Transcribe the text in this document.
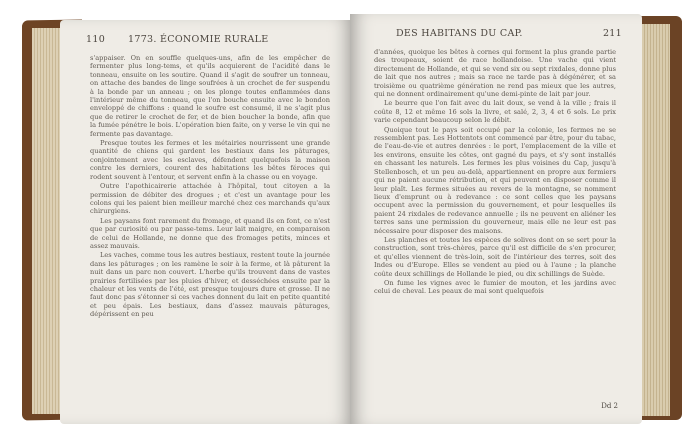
110 1773. ÉCONOMIE RURALE

s'appaiser. On en souffle quelques-uns, afin de les empêcher de fermenter plus long-tems, et qu'ils acquierent de l'acidité dans le tonneau, ensuite on les soutire. Quand il s'agit de soufrer un tonneau, on attache des bandes de linge soufrées à un crochet de fer suspendu à la bonde par un anneau ; on les plonge toutes enflammées dans l'intérieur même du tonneau, que l'on bouche ensuite avec le bondon enveloppé de chiffons : quand le soufre est consumé, il ne s'agit plus que de retirer le crochet de fer, et de bien boucher la bonde, afin que la fumée pénétre le bois. L'opération bien faite, on y verse le vin qui ne fermente pas davantage.

Presque toutes les fermes et les métairies nourrissent une grande quantité de chiens qui gardent les bestiaux dans les pâturages, conjointement avec les esclaves, défendent quelquefois la maison contre les derniers, courent des habitations les bêtes féroces qui rodent souvent à l'entour, et servent enfin à la chasse ou en voyage.

Outre l'apothicairerie attachée à l'hôpital, tout citoyen a la permission de débiter des drogues ; et c'est un avantage pour les colons qui les paient bien meilleur marché chez ces marchands qu'aux chirurgiens.

Les paysans font rarement du fromage, et quand ils en font, ce n'est que par curiosité ou par passe-tems. Leur lait maigre, en comparaison de celui de Hollande, ne donne que des fromages petits, minces et assez mauvais.

Les vaches, comme tous les autres bestiaux, restent toute la journée dans les pâturages ; on les ramène le soir à la ferme, et là pâturent la nuit dans un parc non couvert. L'herbe qu'ils trouvent dans de vastes prairies fertilisées par les pluies d'hiver, et desséchées ensuite par la chaleur et les vents de l'été, est presque toujours dure et grosse. Il ne faut donc pas s'étonner si ces vaches donnent du lait en petite quantité et peu épais. Les bestiaux, dans d'assez mauvais pâturages, dépérissent en peu

DES HABITANS DU CAP.	211

d'années, quoique les bêtes à cornes qui forment la plus grande partie des troupeaux, soient de race hollandoise. Une vache qui vient directement de Hollande, et qui se vend six ou sept rixdales, donne plus de lait que nos autres ; mais sa race ne tarde pas à dégénérer, et sa troisième ou quatrième génération ne rend pas mieux que les autres, qui ne donnent ordinairement qu'une demi-pinte de lait par jour.

Le beurre que l'on fait avec du lait doux, se vend à la ville ; frais il coûte 8, 12 et même 16 sols la livre, et salé, 2, 3, 4 et 6 sols. Le prix varie cependant beaucoup selon le débit.

Quoique tout le pays soit occupé par la colonie, les fermes ne se ressemblent pas. Les Hottentots ont commencé par être, pour du tabac, de l'eau-de-vie et autres denrées : le port, l'emplacement de la ville et les environs, ensuite les côtes, ont gagné du pays, et s'y sont installés en chassant les naturels. Les fermes les plus voisines du Cap, jusqu'à Stellenbosch, et un peu au-delà, appartiennent en propre aux fermiers qui ne paient aucune rétribution, et qui peuvent en disposer comme il leur plaît. Les fermes situées au revers de la montagne, se nomment lieux d'emprunt ou à redevance : ce sont celles que les paysans occupent avec la permission du gouvernement, et pour lesquelles ils paient 24 rixdales de redevance annuelle ; ils ne peuvent en aliéner les terres sans une permission du gouverneur, mais elle ne leur est pas nécessaire pour disposer des maisons.

Les planches et toutes les espèces de solives dont on se sert pour la construction, sont très-chères, parce qu'il est difficile de s'en procurer, et qu'elles viennent de très-loin, soit de l'intérieur des terres, soit des Indes ou d'Europe. Elles se vendent au pied ou à l'aune ; la planche coûte deux schillings de Hollande le pied, ou dix schillings de Suède.

On fume les vignes avec le fumier de mouton, et les jardins avec celui de cheval. Les peaux de mai sont quelquefois

Dd 2
